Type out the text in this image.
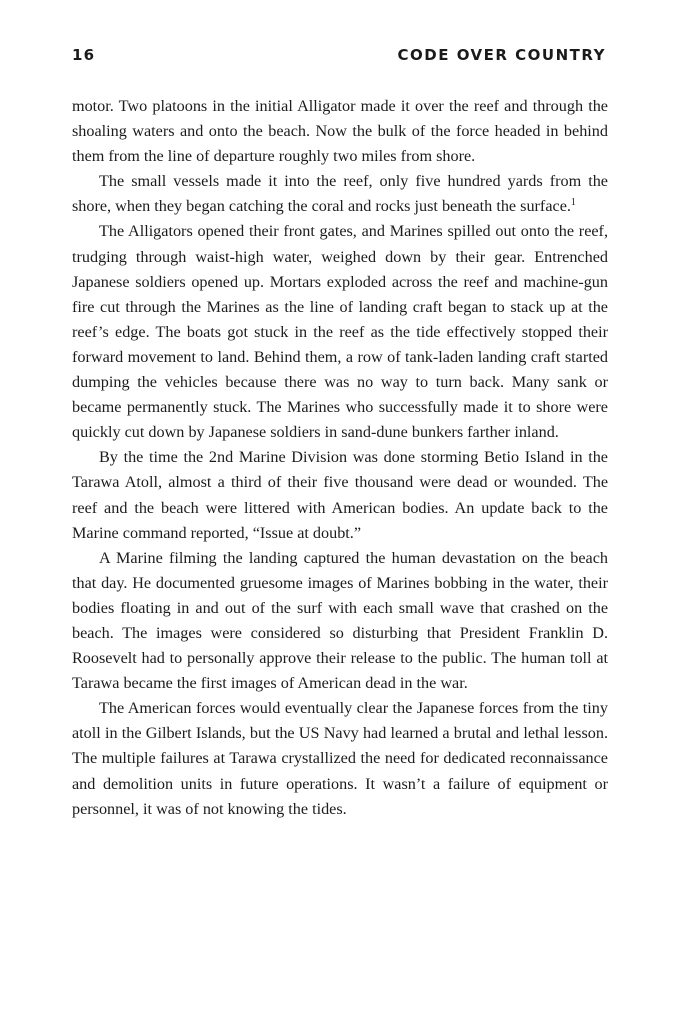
16	CODE OVER COUNTRY

motor. Two platoons in the initial Alligator made it over the reef and through the shoaling waters and onto the beach. Now the bulk of the force headed in behind them from the line of departure roughly two miles from shore.

The small vessels made it into the reef, only five hundred yards from the shore, when they began catching the coral and rocks just beneath the surface.$^1$

The Alligators opened their front gates, and Marines spilled out onto the reef, trudging through waist-high water, weighed down by their gear. Entrenched Japanese soldiers opened up. Mortars exploded across the reef and machine-gun fire cut through the Marines as the line of landing craft began to stack up at the reef’s edge. The boats got stuck in the reef as the tide effectively stopped their forward movement to land. Behind them, a row of tank-laden landing craft started dumping the vehicles because there was no way to turn back. Many sank or became permanently stuck. The Marines who successfully made it to shore were quickly cut down by Japanese soldiers in sand-dune bunkers farther inland.

By the time the 2nd Marine Division was done storming Betio Island in the Tarawa Atoll, almost a third of their five thousand were dead or wounded. The reef and the beach were littered with American bodies. An update back to the Marine command reported, “Issue at doubt.”

A Marine filming the landing captured the human devastation on the beach that day. He documented gruesome images of Marines bobbing in the water, their bodies floating in and out of the surf with each small wave that crashed on the beach. The images were considered so disturbing that President Franklin D. Roosevelt had to personally approve their release to the public. The human toll at Tarawa became the first images of American dead in the war.

The American forces would eventually clear the Japanese forces from the tiny atoll in the Gilbert Islands, but the US Navy had learned a brutal and lethal lesson. The multiple failures at Tarawa crystallized the need for dedicated reconnaissance and demolition units in future operations. It wasn’t a failure of equipment or personnel, it was of not knowing the tides.
